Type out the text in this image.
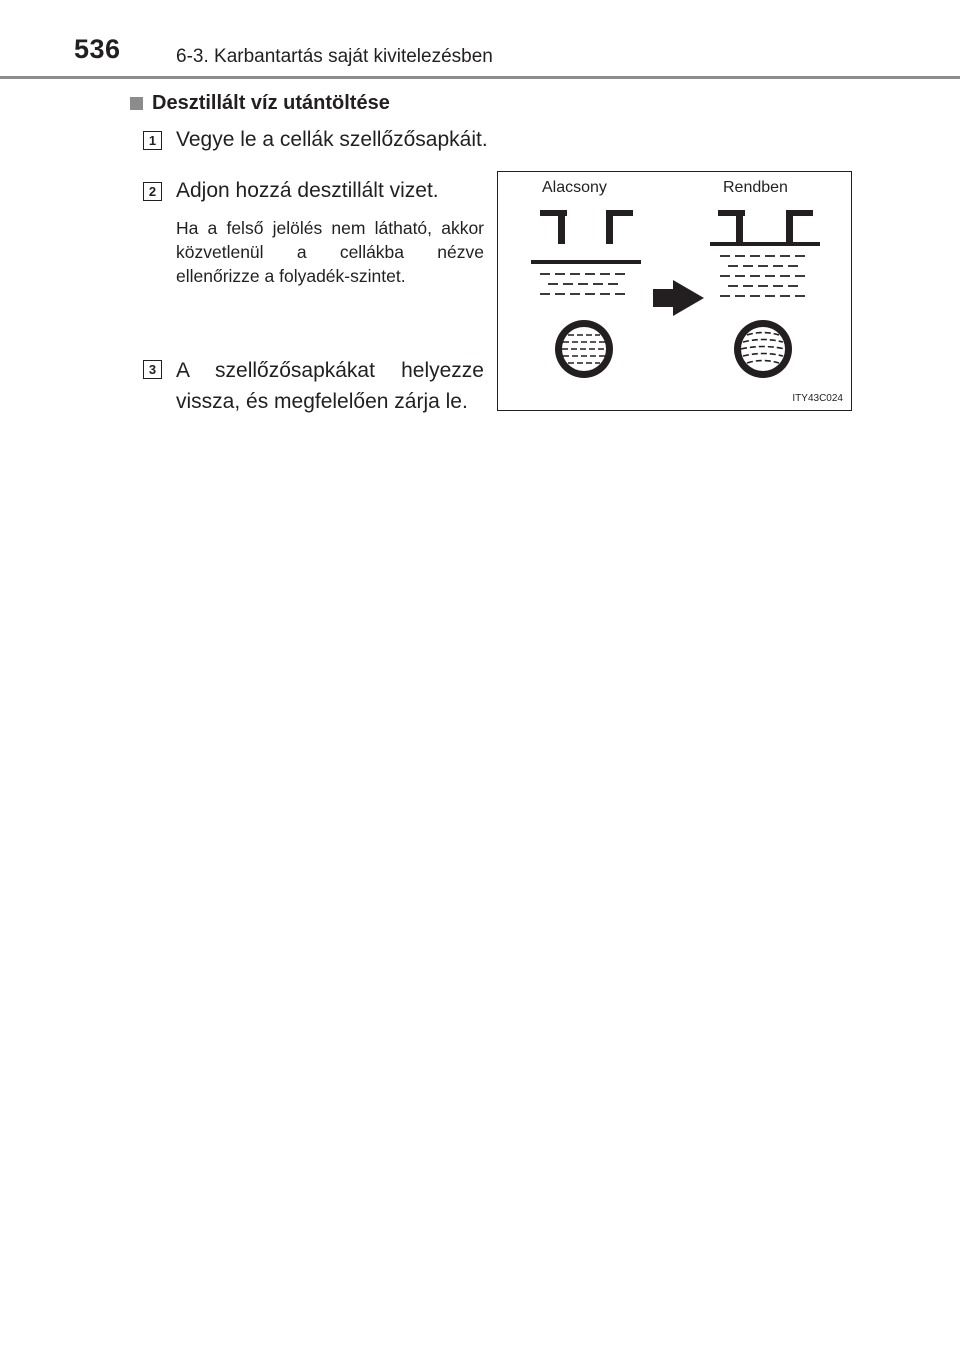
536	6-3. Karbantartás saját kivitelezésben
Desztillált víz utántöltése
1 Vegye le a cellák szellőzősapkáit.
2 Adjon hozzá desztillált vizet.
Ha a felső jelölés nem látható, akkor közvetlenül a cellákba nézve ellenőrizze a folyadék-szintet.
3 A szellőzősapkákat helyezze vissza, és megfelelően zárja le.
Alacsony	Rendben
ITY43C024
